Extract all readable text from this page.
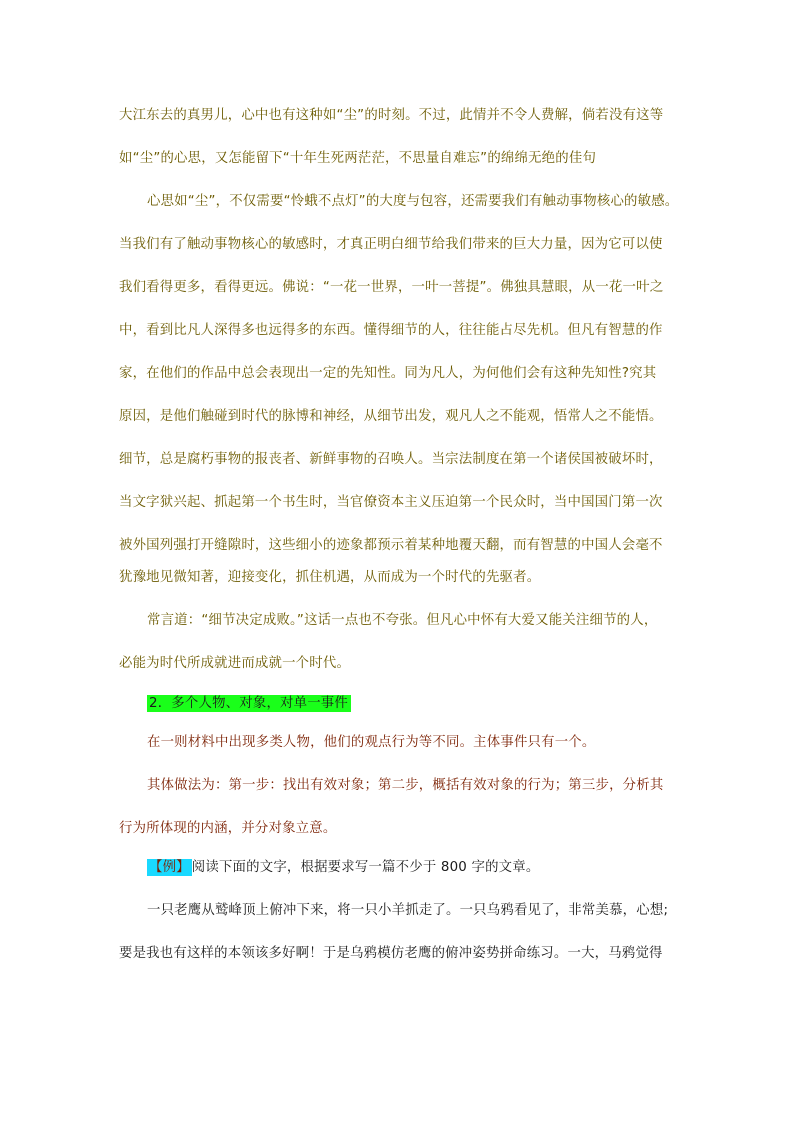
大江东去的真男儿，心中也有这种如“尘”的时刻。不过，此情并不令人费解，倘若没有这等
如“尘”的心思，又怎能留下“十年生死两茫茫，不思量自难忘”的绵绵无绝的佳句
心思如“尘”，不仅需要“怜蛾不点灯”的大度与包容，还需要我们有触动事物核心的敏感。
当我们有了触动事物核心的敏感时，才真正明白细节给我们带来的巨大力量，因为它可以使
我们看得更多，看得更远。佛说：“一花一世界，一叶一菩提”。佛独具慧眼，从一花一叶之
中，看到比凡人深得多也远得多的东西。懂得细节的人，往往能占尽先机。但凡有智慧的作
家，在他们的作品中总会表现出一定的先知性。同为凡人，为何他们会有这种先知性?究其
原因，是他们触碰到时代的脉博和神经，从细节出发，观凡人之不能观，悟常人之不能悟。
细节，总是腐朽事物的报丧者、新鲜事物的召唤人。当宗法制度在第一个诸侯国被破坏时，
当文字狱兴起、抓起第一个书生时，当官僚资本主义压迫第一个民众时，当中国国门第一次
被外国列强打开缝隙时，这些细小的迹象都预示着某种地覆天翻，而有智慧的中国人会毫不
犹豫地见微知著，迎接变化，抓住机遇，从而成为一个时代的先驱者。
常言道：“细节决定成败。”这话一点也不夸张。但凡心中怀有大爱又能关注细节的人，
必能为时代所成就进而成就一个时代。
2．多个人物、对象，对单一事件
在一则材料中出现多类人物，他们的观点行为等不同。主体事件只有一个。
其体做法为：第一步：找出有效对象；第二步，概括有效对象的行为；第三步，分析其
行为所体现的内涵，并分对象立意。
【例】 阅读下面的文字，根据要求写一篇不少于 800 字的文章。
一只老鹰从鹫峰顶上俯冲下来，将一只小羊抓走了。一只乌鸦看见了，非常美慕，心想;
要是我也有这样的本领该多好啊！于是乌鸦模仿老鹰的俯冲姿势拼命练习。一大，马鸦觉得
